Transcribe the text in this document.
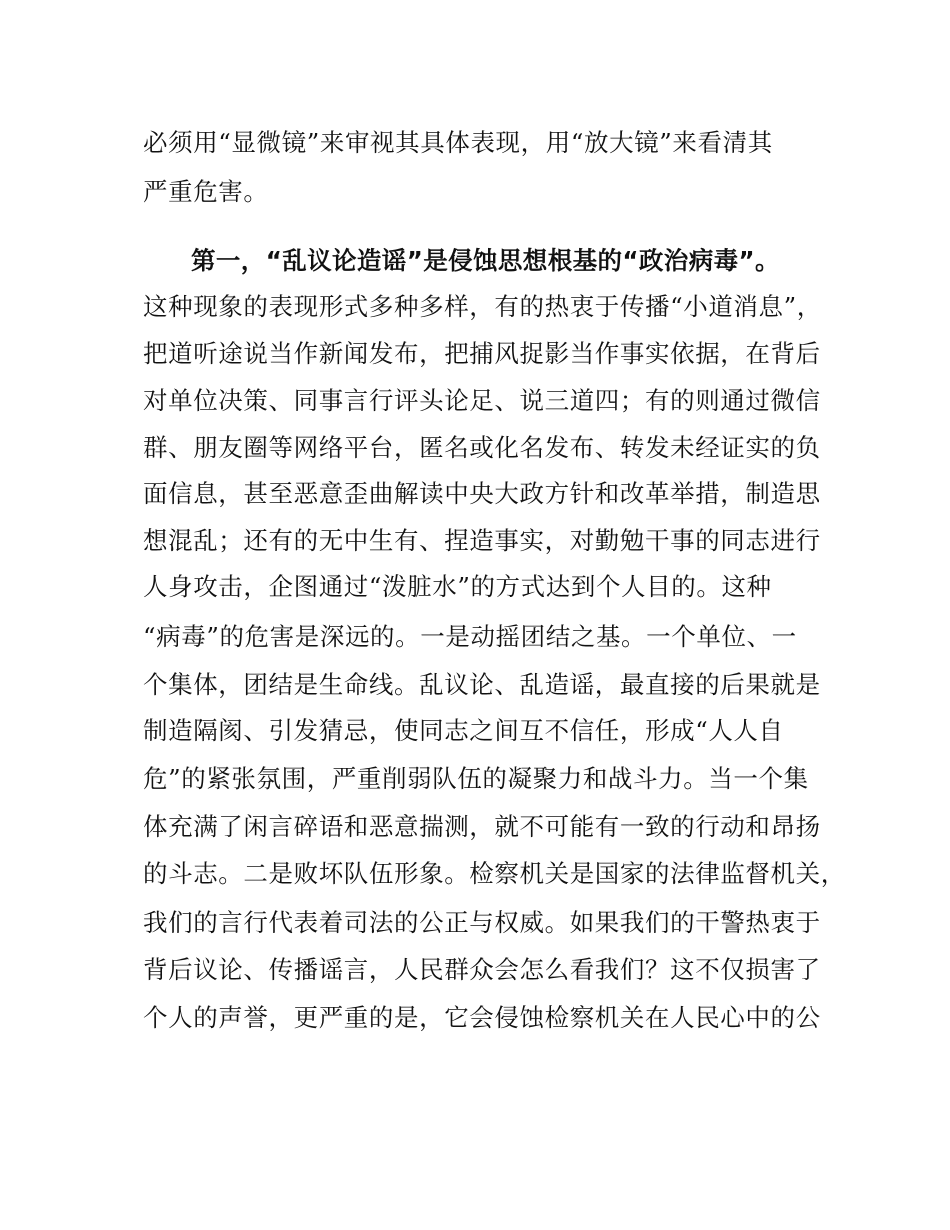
必须用“显微镜”来审视其具体表现，用“放大镜”来看清其

严重危害。

第一，“乱议论造谣”是侵蚀思想根基的“政治病毒”。

这种现象的表现形式多种多样，有的热衷于传播“小道消息”，

把道听途说当作新闻发布，把捕风捉影当作事实依据，在背后

对单位决策、同事言行评头论足、说三道四；有的则通过微信

群、朋友圈等网络平台，匿名或化名发布、转发未经证实的负

面信息，甚至恶意歪曲解读中央大政方针和改革举措，制造思

想混乱；还有的无中生有、捏造事实，对勤勉干事的同志进行

人身攻击，企图通过“泼脏水”的方式达到个人目的。这种

“病毒”的危害是深远的。一是动摇团结之基。一个单位、一

个集体，团结是生命线。乱议论、乱造谣，最直接的后果就是

制造隔阂、引发猜忌，使同志之间互不信任，形成“人人自

危”的紧张氛围，严重削弱队伍的凝聚力和战斗力。当一个集

体充满了闲言碎语和恶意揣测，就不可能有一致的行动和昂扬

的斗志。二是败坏队伍形象。检察机关是国家的法律监督机关，

我们的言行代表着司法的公正与权威。如果我们的干警热衷于

背后议论、传播谣言，人民群众会怎么看我们？这不仅损害了

个人的声誉，更严重的是，它会侵蚀检察机关在人民心中的公
